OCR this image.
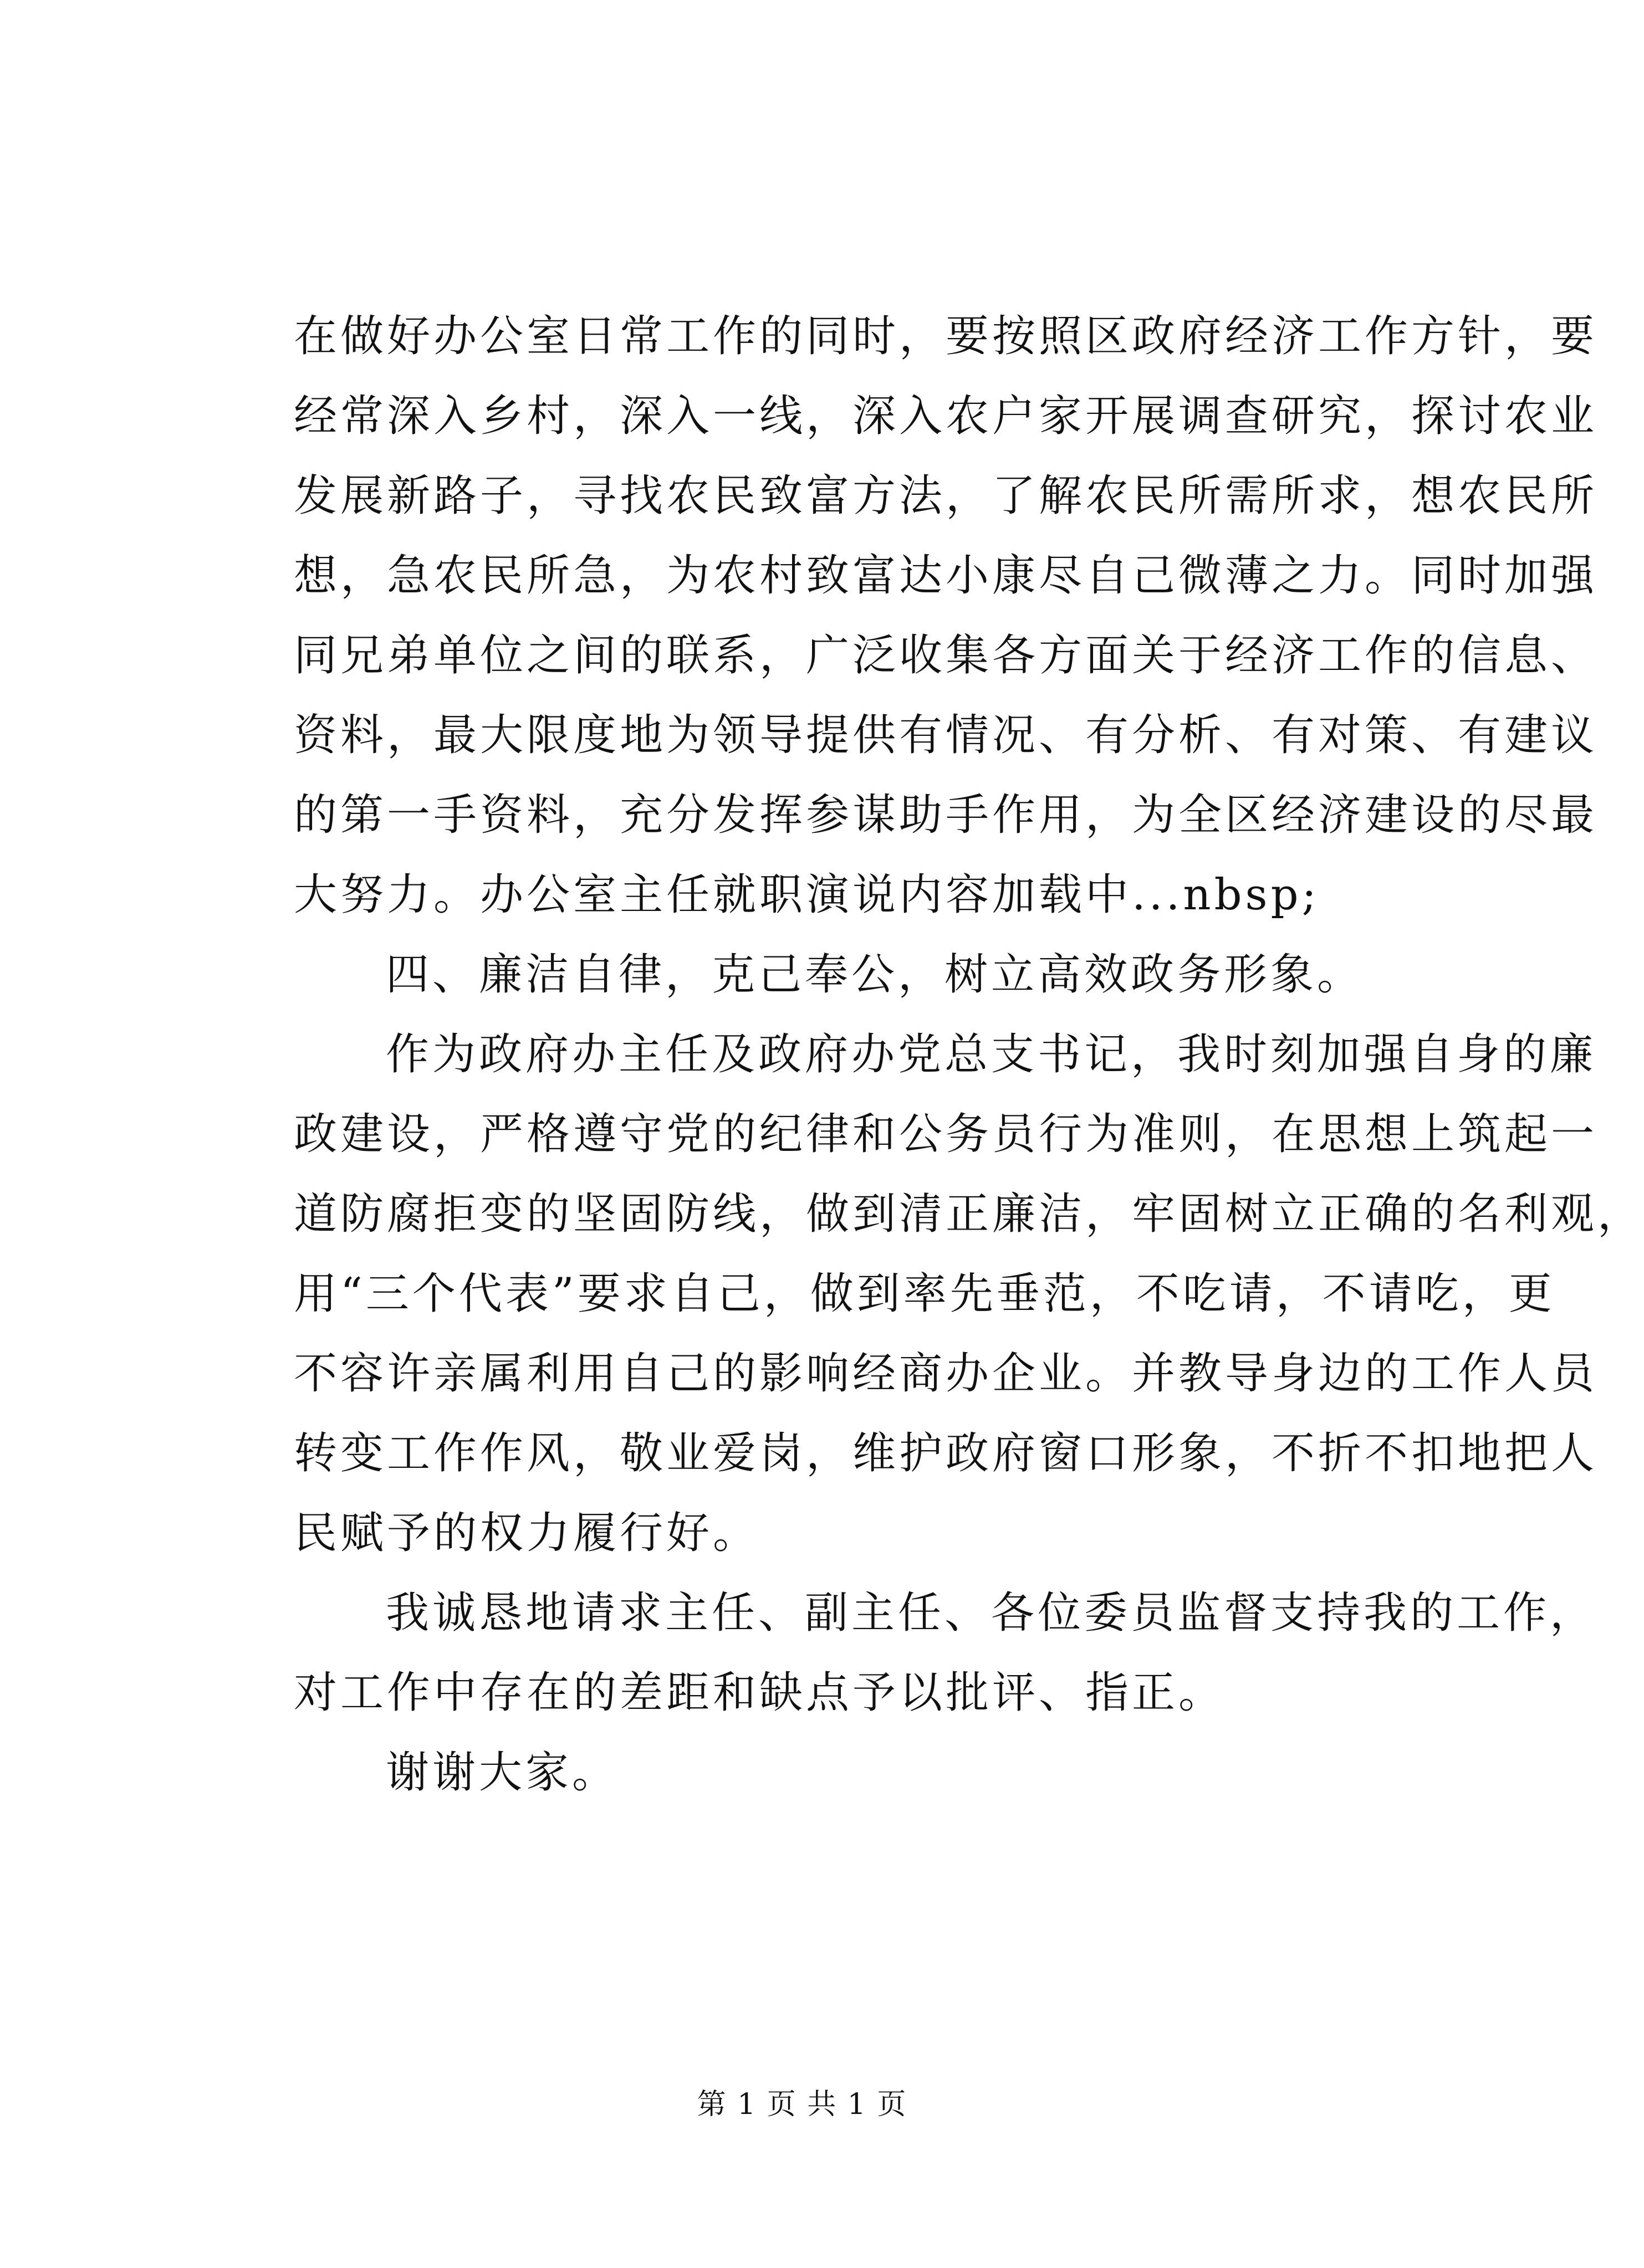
在做好办公室日常工作的同时，要按照区政府经济工作方针，要
经常深入乡村，深入一线，深入农户家开展调查研究，探讨农业
发展新路子，寻找农民致富方法，了解农民所需所求，想农民所
想，急农民所急，为农村致富达小康尽自己微薄之力。同时加强
同兄弟单位之间的联系，广泛收集各方面关于经济工作的信息、
资料，最大限度地为领导提供有情况、有分析、有对策、有建议
的第一手资料，充分发挥参谋助手作用，为全区经济建设的尽最
大努力。办公室主任就职演说内容加载中...nbsp;
四、廉洁自律，克己奉公，树立高效政务形象。
作为政府办主任及政府办党总支书记，我时刻加强自身的廉
政建设，严格遵守党的纪律和公务员行为准则，在思想上筑起一
道防腐拒变的坚固防线，做到清正廉洁，牢固树立正确的名利观，
用“三个代表”要求自己，做到率先垂范，不吃请，不请吃，更
不容许亲属利用自己的影响经商办企业。并教导身边的工作人员
转变工作作风，敬业爱岗，维护政府窗口形象，不折不扣地把人
民赋予的权力履行好。
我诚恳地请求主任、副主任、各位委员监督支持我的工作，
对工作中存在的差距和缺点予以批评、指正。
谢谢大家。
第 1 页 共 1 页
